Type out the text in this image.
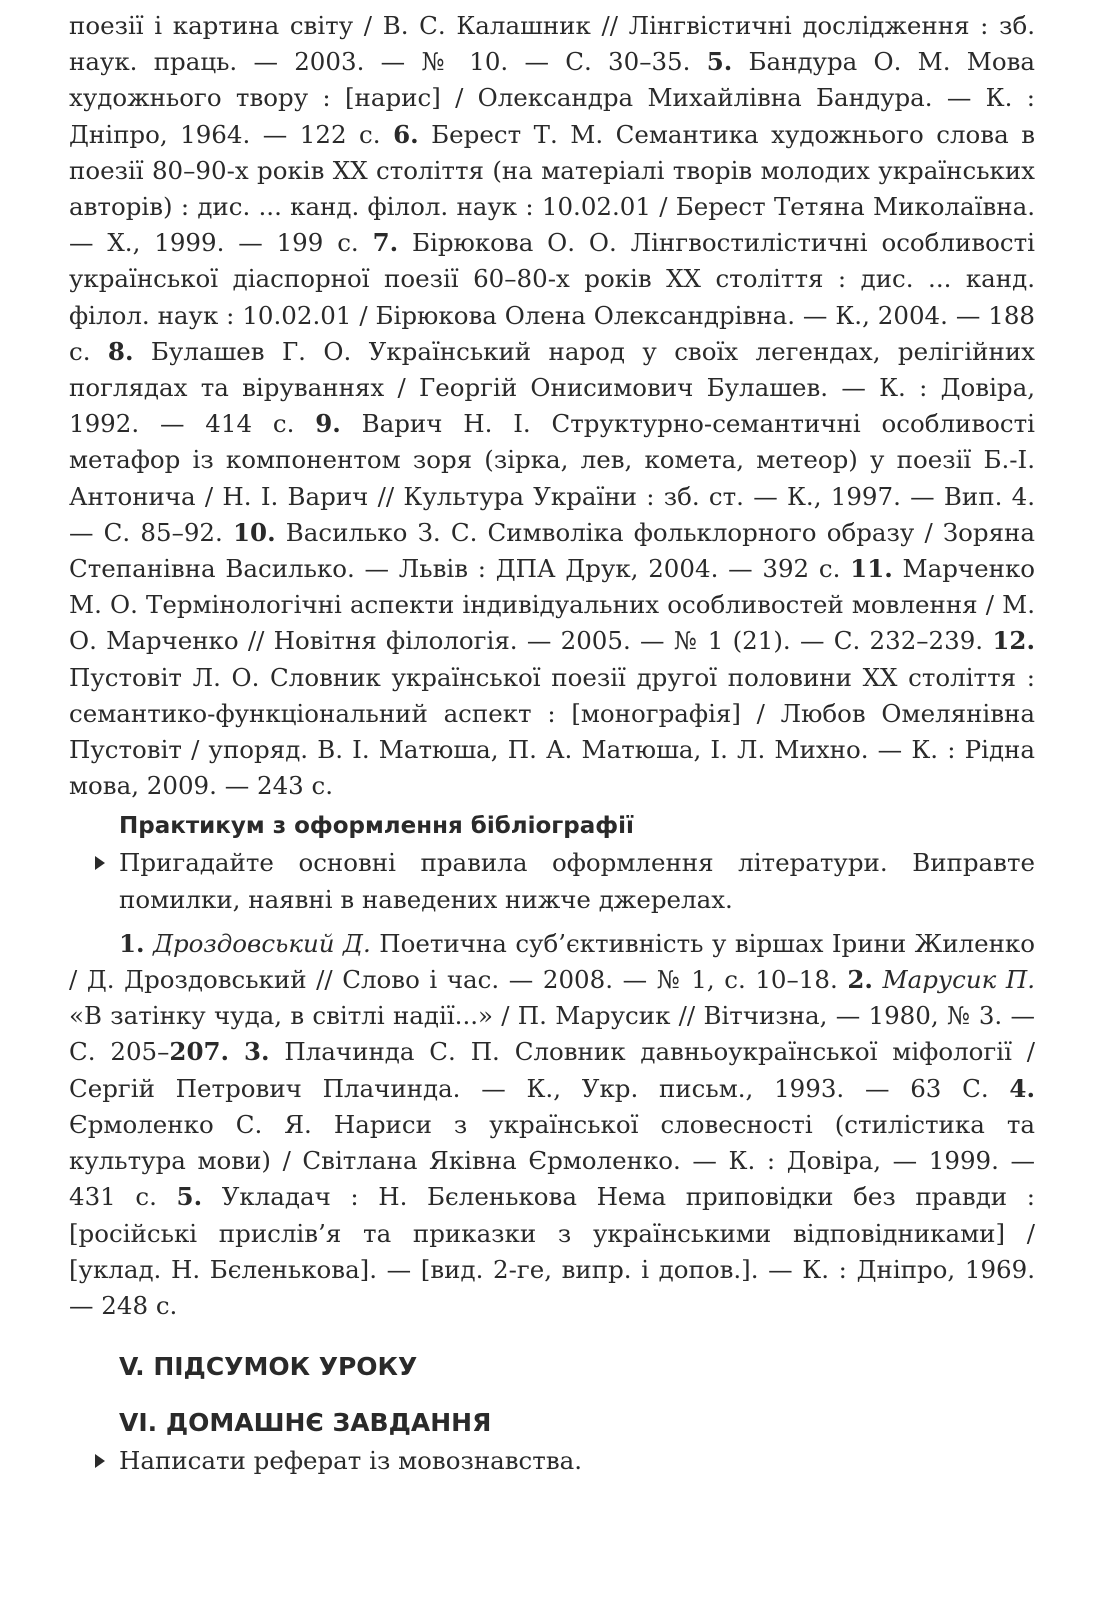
поезії і картина світу / В. С. Калашник // Лінгвістичні дослідження : зб. наук. праць. — 2003. — № 10. — С. 30–35. 5. Бандура О. М. Мова художнього твору : [нарис] / Олександра Михайлівна Бандура. — К. : Дніпро, 1964. — 122 с. 6. Берест Т. М. Семантика художнього слова в поезії 80–90-х років ХХ століття (на матеріалі творів молодих українських авторів) : дис. ... канд. філол. наук : 10.02.01 / Берест Тетяна Миколаївна. — Х., 1999. — 199 с. 7. Бірюкова О. О. Лінгвостилістичні особливості української діаспорної поезії 60–80-х років ХХ століття : дис. ... канд. філол. наук : 10.02.01 / Бірюкова Олена Олександрівна. — К., 2004. — 188 с. 8. Булашев Г. О. Український народ у своїх легендах, релігійних поглядах та віруваннях / Георгій Онисимович Булашев. — К. : Довіра, 1992. — 414 с. 9. Варич Н. І. Структурно-семантичні особливості метафор із компонентом зоря (зірка, лев, комета, метеор) у поезії Б.-І. Антонича / Н. І. Варич // Культура України : зб. ст. — К., 1997. — Вип. 4. — С. 85–92. 10. Василько З. С. Символіка фольклорного образу / Зоряна Степанівна Василько. — Львів : ДПА Друк, 2004. — 392 с. 11. Марченко М. О. Термінологічні аспекти індивідуальних особливостей мовлення / М. О. Марченко // Новітня філологія. — 2005. — № 1 (21). — С. 232–239. 12. Пустовіт Л. О. Словник української поезії другої половини ХХ століття : семантико-функціональний аспект : [монографія] / Любов Омелянівна Пустовіт / упоряд. В. І. Матюша, П. А. Матюша, І. Л. Михно. — К. : Рідна мова, 2009. — 243 с.

Практикум з оформлення бібліографії
Пригадайте основні правила оформлення літератури. Виправте помилки, наявні в наведених нижче джерелах.

1. Дроздовський Д. Поетична суб’єктивність у віршах Ірини Жиленко / Д. Дроздовський // Слово і час. — 2008. — № 1, с. 10–18. 2. Марусик П. «В затінку чуда, в світлі надії...» / П. Марусик // Вітчизна, — 1980, № 3. — С. 205–207. 3. Плачинда С. П. Словник давньоукраїнської міфології / Сергій Петрович Плачинда. — К., Укр. письм., 1993. — 63 С. 4. Єрмоленко С. Я. Нариси з української словесності (стилістика та культура мови) / Світлана Яківна Єрмоленко. — К. : Довіра, — 1999. — 431 с. 5. Укладач : Н. Бєленькова Нема приповідки без правди : [російські прислів’я та приказки з українськими відповідниками] / [уклад. Н. Бєленькова]. — [вид. 2-ге, випр. і допов.]. — К. : Дніпро, 1969. — 248 с.

V. ПІДСУМОК УРОКУ
VI. ДОМАШНЄ ЗАВДАННЯ
Написати реферат із мовознавства.
